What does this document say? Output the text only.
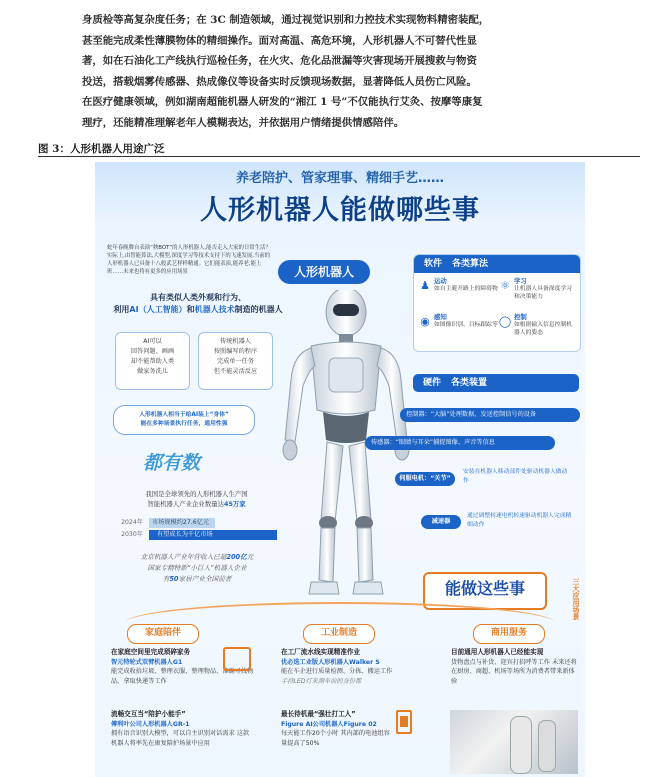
身质检等高复杂度任务；在 3C 制造领域，通过视觉识别和力控技术实现物料精密装配，

甚至能完成柔性薄膜物体的精细操作。面对高温、高危环境，人形机器人不可替代性显

著，如在石油化工产线执行巡检任务，在火灾、危化品泄漏等灾害现场开展搜救与物资

投送，搭载烟雾传感器、热成像仪等设备实时反馈现场数据，显著降低人员伤亡风险。

在医疗健康领域，例如湖南超能机器人研发的“湘江 1 号”不仅能执行艾灸、按摩等康复

理疗，还能精准理解老年人模糊表达，并依据用户情绪提供情感陪伴。

图 3：人形机器人用途广泛
养老陪护、管家理事、精细手艺……
人形机器人能做哪些事
蛇年春晚舞台表演“秧BOT”的人形机器人,能否走入大家的日常生活？实际上,由智能算法,大模型,深度学习等技术支持下的飞速发展,当前的人形机器人已具备十八般武艺样样精通。它们能表演,能养老,能上班……未来也将有更多的应用场景
具有类似人类外观和行为、
利用AI（人工智能）和机器人技术制造的机器人
AI可以
回答问题、画画
却不能帮助人类
做家务洗儿
传统机器人
按照编写的程序
完成单一任务
但不能灵活反应
人形机器人相当于给AI装上“身体”
能在多种场景执行任务，通用性强
都有数
我国是全球领先的人形机器人生产国
智能机器人产业企业数量达45万家
2024年	市场规模约27.6亿元
2030年	有望成长为千亿市场
北京机器人产业年营收入已超200亿元
国家专精特新“小巨人”机器人企业
有50家居产业全国前者
人形机器人
软件 各类算法
♟ 运动
如自主避开路上的障碍物 ⚛ 学习
让机器人具备深度学习和决策能力
◉ 感知
如图像识别、目标跟踪等 ◯ 控制
如根据输入信息控制机器人的姿态
硬件 各类装置
控制器：“大脑”处理数据，发送控制信号的设备
传感器：“眼睛与耳朵”捕捉图像、声音等信息
伺服电机：“关节”
安装在机器人移动部件处驱动机器人做动作
减速器
通过调整转速电机转速驱动机器人完成精细动作
能做这些事	三大应用场景
家庭陪伴	工业制造	商用服务
在家庭空间里完成琐碎家务
智元特轮式双臂机器人G1
能完成收拾垃圾、整理衣服、整理物品、准确寻找物品、拿取快递等工作
流畅交互当“陪护小能手”
傅利叶公司人形机器人GR-1
拥有语音识别大模型，可以自主识别对话需求 这款机器人将率先在康复陪护场景中应用
在工厂流水线实现精准作业
优必选工业版人形机器人Walker S
能在车企进行质量检测、分拣、搬运工作
手持LED灯来测车前的身份都
最长待机最“强壮打工人”
Figure AI公司机器人Figure 02
每天能工作20个小时 其内部的电池组容量提高了50%
目前通用人形机器人已经能实现
货物盘点与补货、迎宾打招呼等工作 未来还将在厨房、商超、机场等场所为消费者带来新体验
